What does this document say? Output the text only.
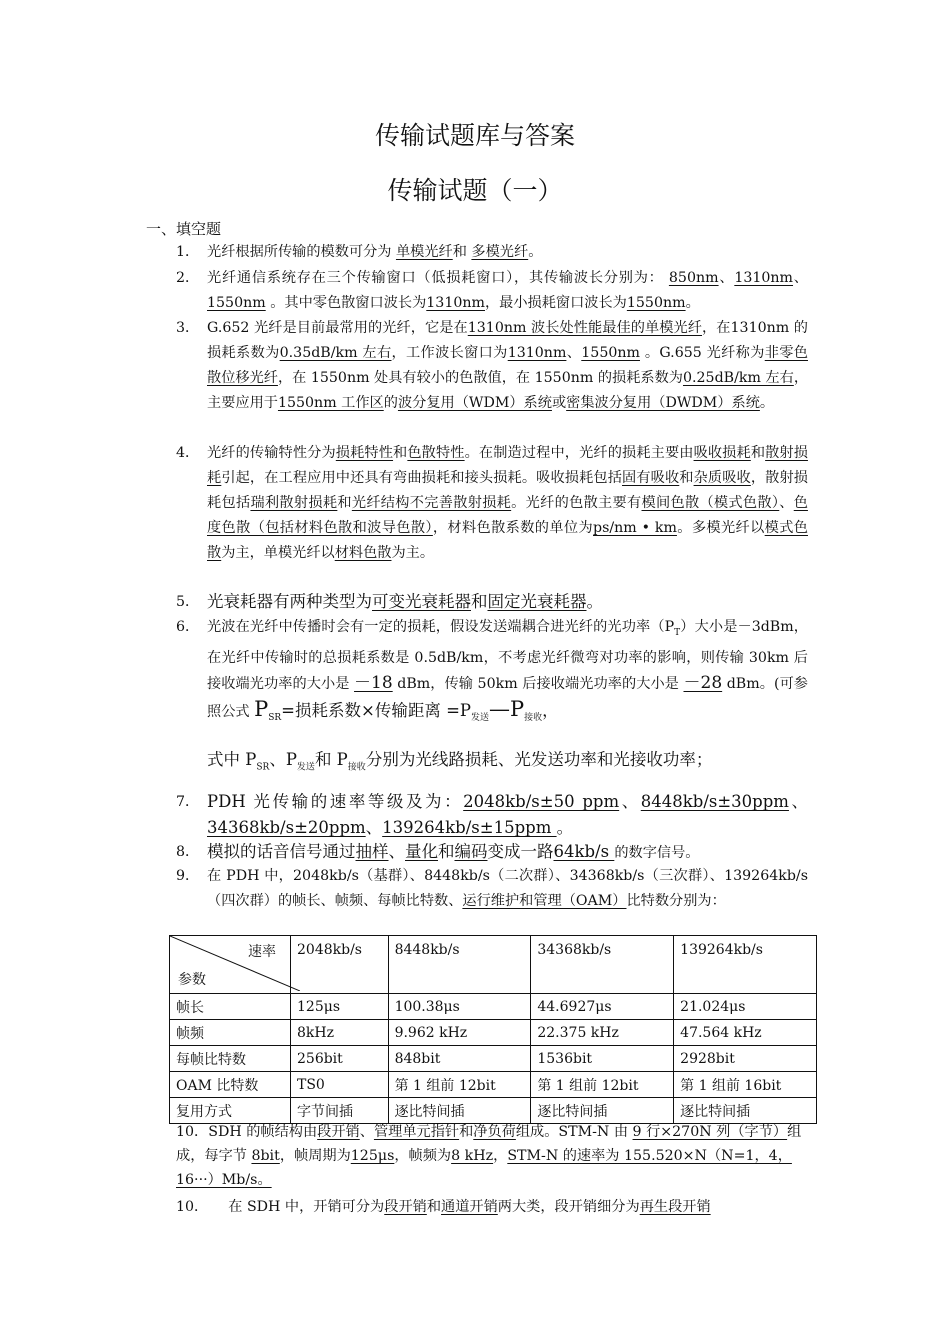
传输试题库与答案
传输试题（一）
一、填空题
1． 光纤根据所传输的模数可分为 单模光纤和 多模光纤。
2． 光纤通信系统存在三个传输窗口（低损耗窗口），其传输波长分别为： 850nm、1310nm、1550nm 。其中零色散窗口波长为1310nm，最小损耗窗口波长为1550nm。
3． G.652 光纤是目前最常用的光纤，它是在1310nm 波长处性能最佳的单模光纤，在1310nm 的损耗系数为0.35dB/km 左右，工作波长窗口为1310nm、1550nm 。G.655 光纤称为非零色散位移光纤，在 1550nm 处具有较小的色散值，在 1550nm 的损耗系数为0.25dB/km 左右，主要应用于1550nm 工作区的波分复用（WDM）系统或密集波分复用（DWDM）系统。
4． 光纤的传输特性分为损耗特性和色散特性。在制造过程中，光纤的损耗主要由吸收损耗和散射损耗引起，在工程应用中还具有弯曲损耗和接头损耗。吸收损耗包括固有吸收和杂质吸收，散射损耗包括瑞利散射损耗和光纤结构不完善散射损耗。光纤的色散主要有模间色散（模式色散）、色度色散（包括材料色散和波导色散），材料色散系数的单位为ps/nm • km。多模光纤以模式色散为主，单模光纤以材料色散为主。
5． 光衰耗器有两种类型为可变光衰耗器和固定光衰耗器。
6． 光波在光纤中传播时会有一定的损耗，假设发送端耦合进光纤的光功率$(P_T)$大小是－3dBm，在光纤中传输时的总损耗系数是 0.5dB/km，不考虑光纤微弯对功率的影响，则传输 30km 后接收端光功率的大小是 －18 dBm，传输 50km 后接收端光功率的大小是 －28 dBm。(可参照公式 $P_{SR}=$损耗系数×传输距离 $=P_{发送}—P_{接收}$，
式中 $P_{SR}$、$P_{发送}$和 $P_{接收}$分别为光线路损耗、光发送功率和光接收功率；
7． PDH 光传输的速率等级及为：2048kb/s±50 ppm、8448kb/s±30ppm、34368kb/s±20ppm、139264kb/s±15ppm 。
8． 模拟的话音信号通过抽样、量化和编码变成一路64kb/s 的数字信号。
9． 在 PDH 中，2048kb/s（基群）、8448kb/s（二次群）、34368kb/s（三次群）、139264kb/s（四次群）的帧长、帧频、每帧比特数、运行维护和管理（OAM）比特数分别为：
速率
参数	2048kb/s	8448kb/s	34368kb/s	139264kb/s
帧长	125μs	100.38μs	44.6927μs	21.024μs
帧频	8kHz	9.962 kHz	22.375 kHz	47.564 kHz
每帧比特数	256bit	848bit	1536bit	2928bit
OAM 比特数	TS0	第 1 组前 12bit	第 1 组前 12bit	第 1 组前 16bit
复用方式	字节间插	逐比特间插	逐比特间插	逐比特间插
10．SDH 的帧结构由段开销、管理单元指针和净负荷组成。STM-N 由 9 行×270N 列（字节）组成，每字节 8bit，帧周期为125μs，帧频为8 kHz，STM-N 的速率为 155.520×N（N=1，4，16···）Mb/s。
10． 在 SDH 中，开销可分为段开销和通道开销两大类，段开销细分为再生段开销
